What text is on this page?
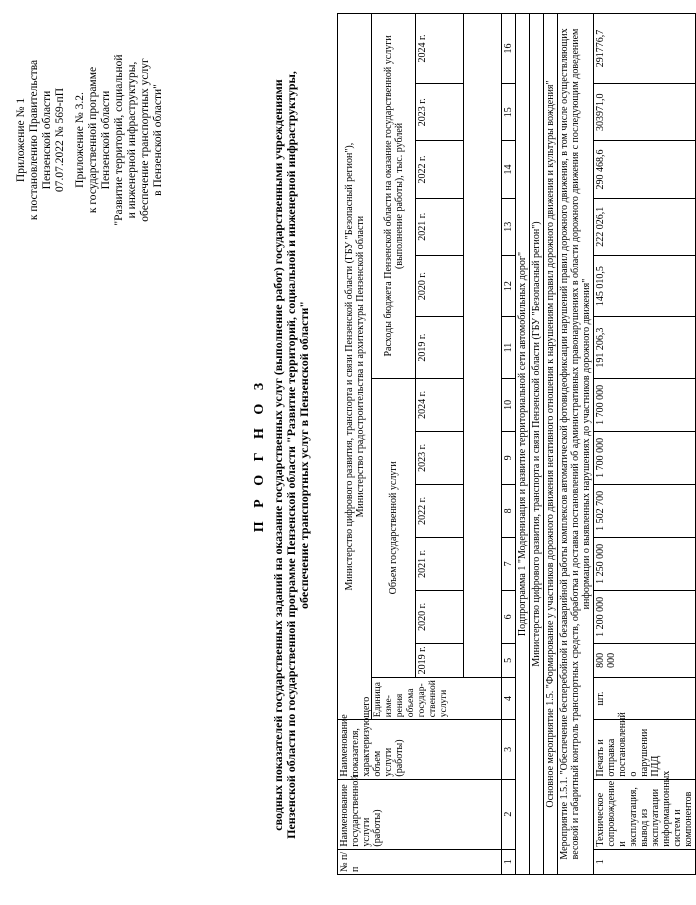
Приложение № 1 к постановлению Правительства Пензенской области 07.07.2022 № 569-пП Приложение № 3.2. к государственной программе Пензенской области "Развитие территорий, социальной и инженерной инфраструктуры, обеспечение транспортных услуг в Пензенской области"
П Р О Г Н О З сводных показателей государственных заданий на оказание государственных услуг (выполнение работ) государственными учреждениями Пензенской области по государственной программе Пензенской области "Развитие территорий, социальной и инженерной инфраструктуры, обеспечение транспортных услуг в Пензенской области"
№ п/п	Наименование государственной услуги (работы)	Наименование показателя, характеризующего объем услуги (работы)	Министерство цифрового развития, транспорта и связи Пензенской области (ГБУ "Безопасный регион"), Министерство градостроительства и архитектуры Пензенской области												

			Единица изме-рения объема государ-ственной услуги	Объем государственной услуги						Расходы бюджета Пензенской области на оказание государственной услуги (выполнение работы), тыс. рублей					
				2019 г.	2020 г.	2021 г.	2022 г.	2023 г.	2024 г.	2019 г.	2020 г.	2021 г.	2022 г.	2023 г.	2024 г.

1	2	3	4	5	6	7	8	9	10	11	12	13	14	15	16
Подпрограмма 1 "Модернизация и развитие территориальной сети автомобильных дорог"															
Министерство цифрового развития, транспорта и связи Пензенской области (ГБУ "Безопасный регион")															
Основное мероприятие 1.5. "Формирование у участников дорожного движения негативного отношения к нарушениям правил дорожного движения и культуры вождения"															
Мероприятие 1.5.1. "Обеспечение бесперебойной и безаварийной работы комплексов автоматической фотовидеофиксации нарушений правил дорожного движения, в том числе осуществляющих весовой и габаритный контроль транспортных средств, обработка и доставка постановлений об административных правонарушениях в области дорожного движения с последующим доведением информации о выявленных нарушениях до участников дорожного движения"															
1	Техническое сопровождение и эксплуатация, вывод из эксплуатации информационных систем и компонентов	Печать и отправка постановлений о нарушении ПДД	шт.	800 000	1 200 000	1 250 000	1 502 700	1 700 000	1 700 000	191 206,3	145 010,5	222 026,1	290 468,6	303971,0	291776,7
